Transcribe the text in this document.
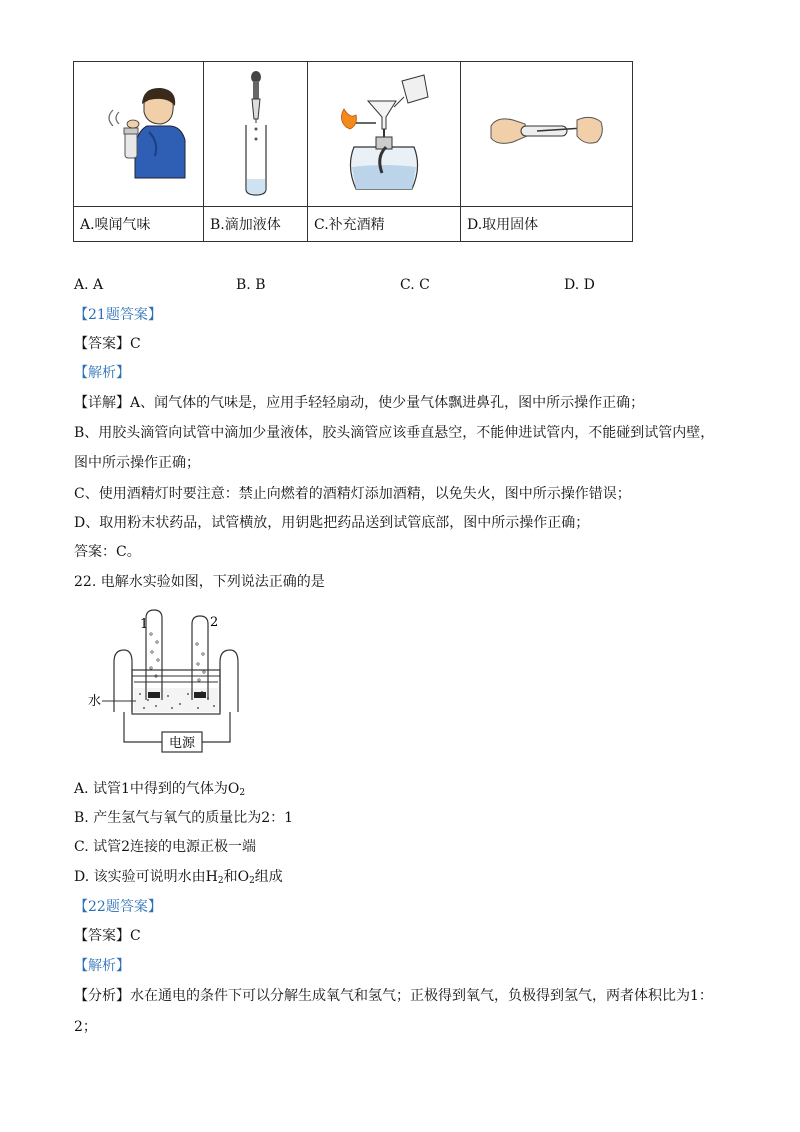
A.嗅闻气味	B.滴加液体	C.补充酒精	D.取用固体
A. A	B. B	C. C	D. D
【21题答案】
【答案】C
【解析】
【详解】A、闻气体的气味是，应用手轻轻扇动，使少量气体飘进鼻孔，图中所示操作正确；
B、用胶头滴管向试管中滴加少量液体，胶头滴管应该垂直悬空，不能伸进试管内，不能碰到试管内壁，
图中所示操作正确；
C、使用酒精灯时要注意：禁止向燃着的酒精灯添加酒精，以免失火，图中所示操作错误；
D、取用粉末状药品，试管横放，用钥匙把药品送到试管底部，图中所示操作正确；
答案：C。
22. 电解水实验如图，下列说法正确的是
电源
1	2
水
A. 试管1中得到的气体为$O_2$
B. 产生氢气与氧气的质量比为2：1
C. 试管2连接的电源正极一端
D. 该实验可说明水由$H_2$和$O_2$组成
【22题答案】
【答案】C
【解析】
【分析】水在通电的条件下可以分解生成氧气和氢气；正极得到氧气，负极得到氢气，两者体积比为1：
2；
